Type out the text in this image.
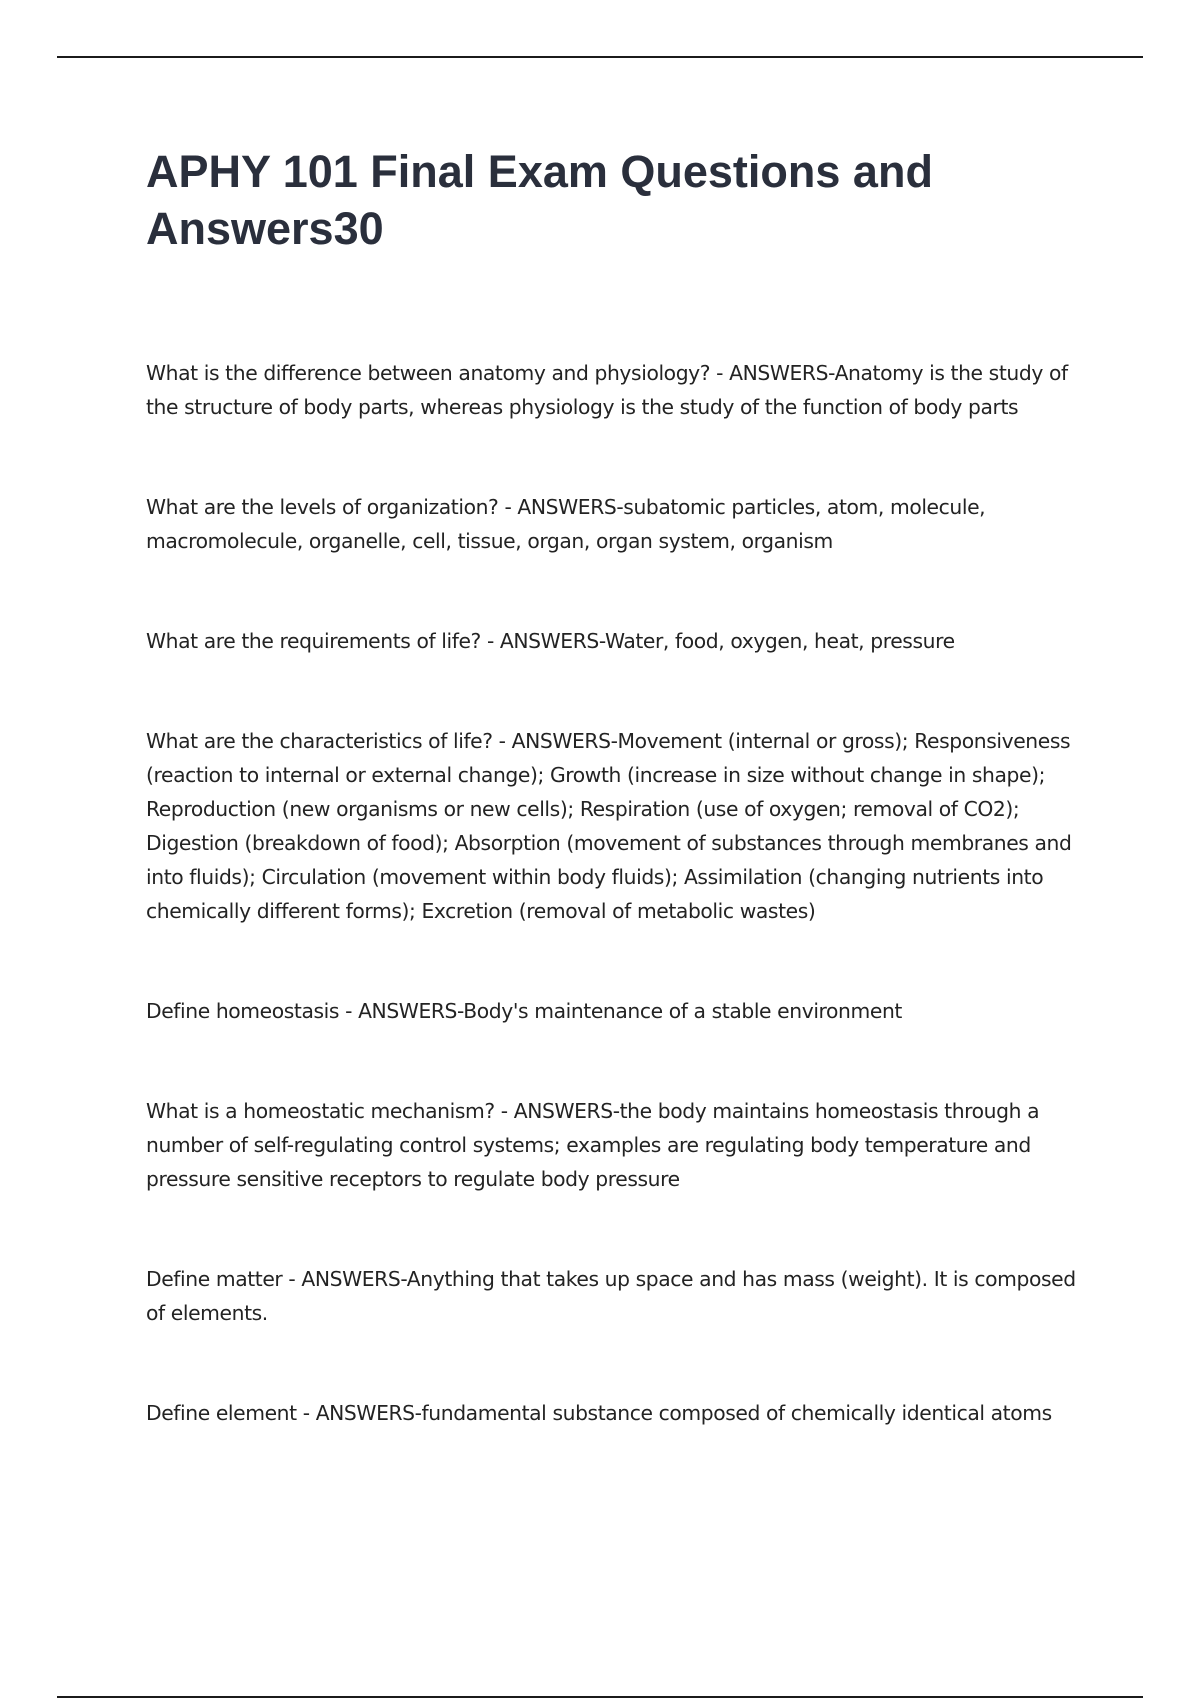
APHY 101 Final Exam Questions and Answers30
What is the difference between anatomy and physiology? - ANSWERS-Anatomy is the study of the structure of body parts, whereas physiology is the study of the function of body parts
What are the levels of organization? - ANSWERS-subatomic particles, atom, molecule, macromolecule, organelle, cell, tissue, organ, organ system, organism
What are the requirements of life? - ANSWERS-Water, food, oxygen, heat, pressure
What are the characteristics of life? - ANSWERS-Movement (internal or gross); Responsiveness (reaction to internal or external change); Growth (increase in size without change in shape); Reproduction (new organisms or new cells); Respiration (use of oxygen; removal of CO2); Digestion (breakdown of food); Absorption (movement of substances through membranes and into fluids); Circulation (movement within body fluids); Assimilation (changing nutrients into chemically different forms); Excretion (removal of metabolic wastes)
Define homeostasis - ANSWERS-Body's maintenance of a stable environment
What is a homeostatic mechanism? - ANSWERS-the body maintains homeostasis through a number of self-regulating control systems; examples are regulating body temperature and pressure sensitive receptors to regulate body pressure
Define matter - ANSWERS-Anything that takes up space and has mass (weight). It is composed of elements.
Define element - ANSWERS-fundamental substance composed of chemically identical atoms
